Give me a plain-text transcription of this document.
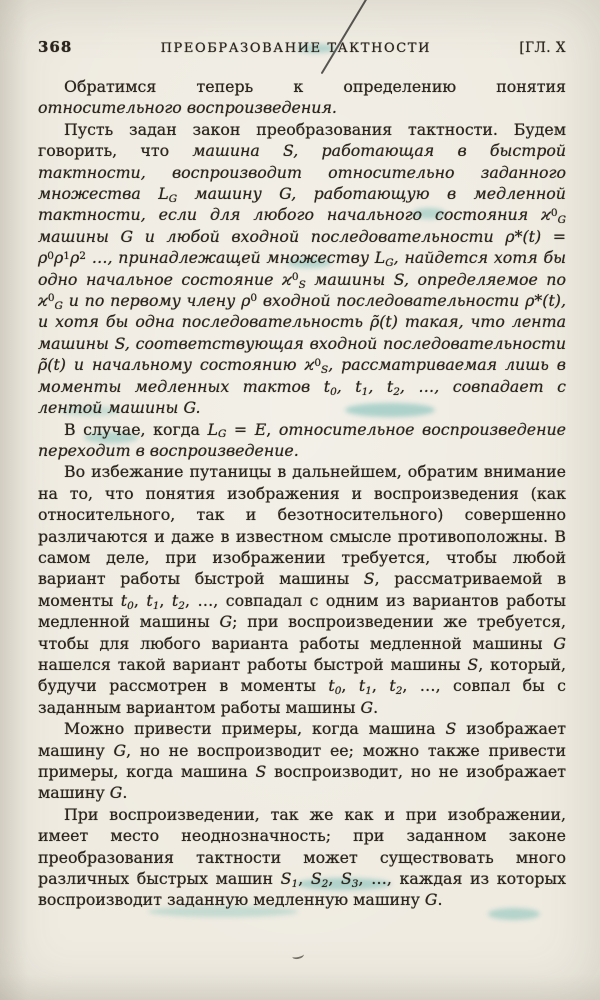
368	ПРЕОБРАЗОВАНИЕ ТАКТНОСТИ	[ГЛ. X

Обратимся теперь к определению понятия относительного воспроизведения.

Пусть задан закон преобразования тактности. Будем говорить, что машина S, работающая в быстрой тактности, воспроизводит относительно заданного множества LG машину G, работающую в медленной тактности, если для любого начального состояния $ϰ^0G$ машины G и любой входной последовательности $\rho*(t) = \rho^0\rho^1\rho^2$ …, принадлежащей множеству LG, найдется хотя бы одно начальное состояние $ϰ^0S$ машины S, определяемое по $ϰ^0G$ и по первому члену $\rho^0$ входной последовательности ρ*(t), и хотя бы одна последовательность ρ̃(t) такая, что лента машины S, соответствующая входной последовательности ρ̃(t) и начальному состоянию $ϰ^0S$, рассматриваемая лишь в моменты медленных тактов t0, t1, t2, …, совпадает с лентой машины G.

В случае, когда LG = E, относительное воспроизведение переходит в воспроизведение.

Во избежание путаницы в дальнейшем, обратим внимание на то, что понятия изображения и воспроизведения (как относительного, так и безотносительного) совершенно различаются и даже в известном смысле противоположны. В самом деле, при изображении требуется, чтобы любой вариант работы быстрой машины S, рассматриваемой в моменты t0, t1, t2, …, совпадал с одним из вариантов работы медленной машины G; при воспроизведении же требуется, чтобы для любого варианта работы медленной машины G нашелся такой вариант работы быстрой машины S, который, будучи рассмотрен в моменты t0, t1, t2, …, совпал бы с заданным вариантом работы машины G.

Можно привести примеры, когда машина S изображает машину G, но не воспроизводит ее; можно также привести примеры, когда машина S воспроизводит, но не изображает машину G.

При воспроизведении, так же как и при изображении, имеет место неоднозначность; при заданном законе преобразования тактности может существовать много различных быстрых машин S1, S2, S3, …, каждая из которых воспроизводит заданную медленную машину G.
